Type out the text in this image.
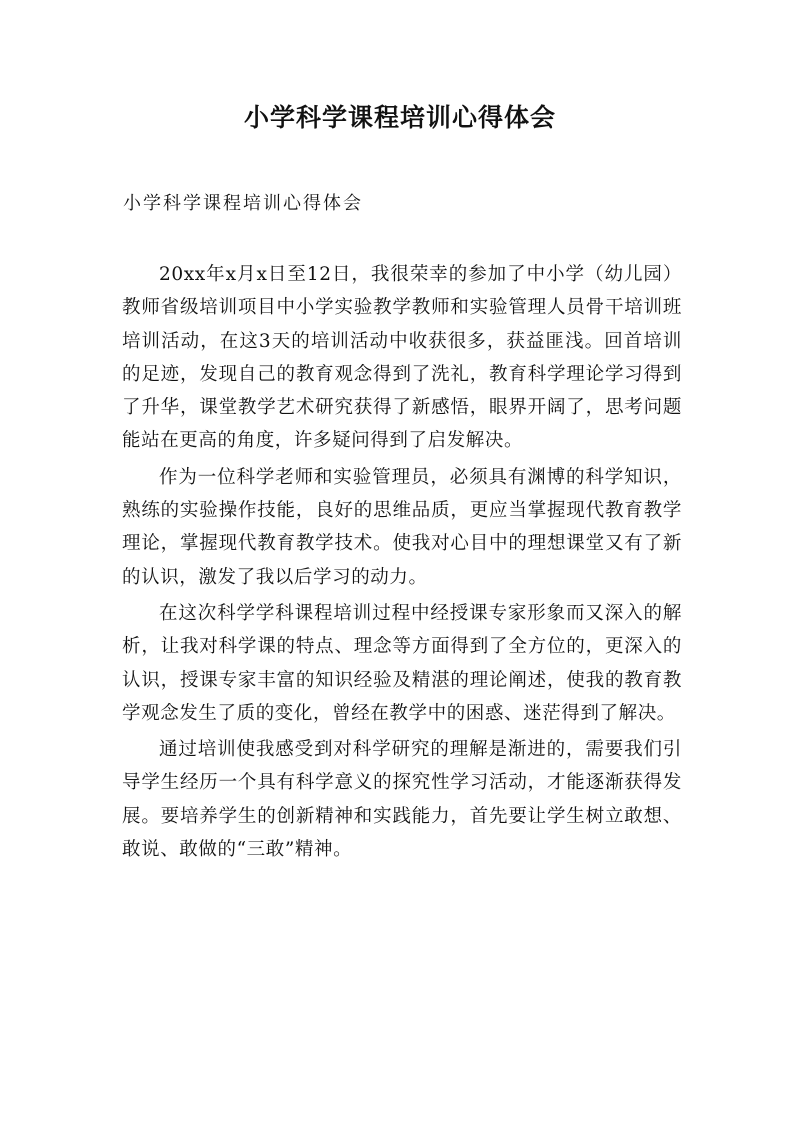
小学科学课程培训心得体会

小学科学课程培训心得体会

20xx年x月x日至12日，我很荣幸的参加了中小学（幼儿园）教师省级培训项目中小学实验教学教师和实验管理人员骨干培训班培训活动，在这3天的培训活动中收获很多，获益匪浅。回首培训的足迹，发现自己的教育观念得到了洗礼，教育科学理论学习得到了升华，课堂教学艺术研究获得了新感悟，眼界开阔了，思考问题能站在更高的角度，许多疑问得到了启发解决。

作为一位科学老师和实验管理员，必须具有渊博的科学知识，熟练的实验操作技能，良好的思维品质，更应当掌握现代教育教学理论，掌握现代教育教学技术。使我对心目中的理想课堂又有了新的认识，激发了我以后学习的动力。

在这次科学学科课程培训过程中经授课专家形象而又深入的解析，让我对科学课的特点、理念等方面得到了全方位的，更深入的认识，授课专家丰富的知识经验及精湛的理论阐述，使我的教育教学观念发生了质的变化，曾经在教学中的困惑、迷茫得到了解决。

通过培训使我感受到对科学研究的理解是渐进的，需要我们引导学生经历一个具有科学意义的探究性学习活动，才能逐渐获得发展。要培养学生的创新精神和实践能力，首先要让学生树立敢想、敢说、敢做的“三敢”精神。
